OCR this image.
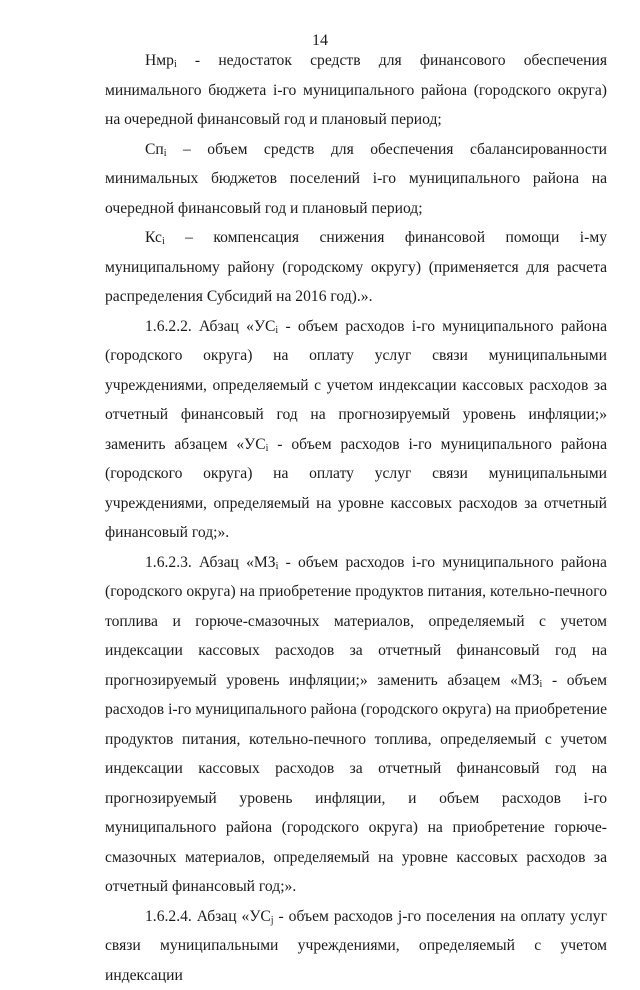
14

Нмр$_i$ - недостаток средств для финансового обеспечения минимального бюджета i-го муниципального района (городского округа) на очередной финансовый год и плановый период;

$Сп_i$ – объем средств для обеспечения сбалансированности минимальных бюджетов поселений i-го муниципального района на очередной финансовый год и плановый период;

$Кс_i$ – компенсация снижения финансовой помощи i-му муниципальному району (городскому округу) (применяется для расчета распределения Субсидий на 2016 год).».

1.6.2.2. Абзац «$УС_i$ - объем расходов i-го муниципального района (городского округа) на оплату услуг связи муниципальными учреждениями, определяемый с учетом индексации кассовых расходов за отчетный финансовый год на прогнозируемый уровень инфляции;» заменить абзацем «$УС_i$ - объем расходов i-го муниципального района (городского округа) на оплату услуг связи муниципальными учреждениями, определяемый на уровне кассовых расходов за отчетный финансовый год;».

1.6.2.3. Абзац «$МЗ_i$ - объем расходов i-го муниципального района (городского округа) на приобретение продуктов питания, котельно-печного топлива и горюче-смазочных материалов, определяемый с учетом индексации кассовых расходов за отчетный финансовый год на прогнозируемый уровень инфляции;» заменить абзацем «$МЗ_i$ - объем расходов i-го муниципального района (городского округа) на приобретение продуктов питания, котельно-печного топлива, определяемый с учетом индексации кассовых расходов за отчетный финансовый год на прогнозируемый уровень инфляции, и объем расходов i-го муниципального района (городского округа) на приобретение горюче-смазочных материалов, определяемый на уровне кассовых расходов за отчетный финансовый год;».

1.6.2.4. Абзац «$УС_j$ - объем расходов j-го поселения на оплату услуг связи муниципальными учреждениями, определяемый с учетом индексации
